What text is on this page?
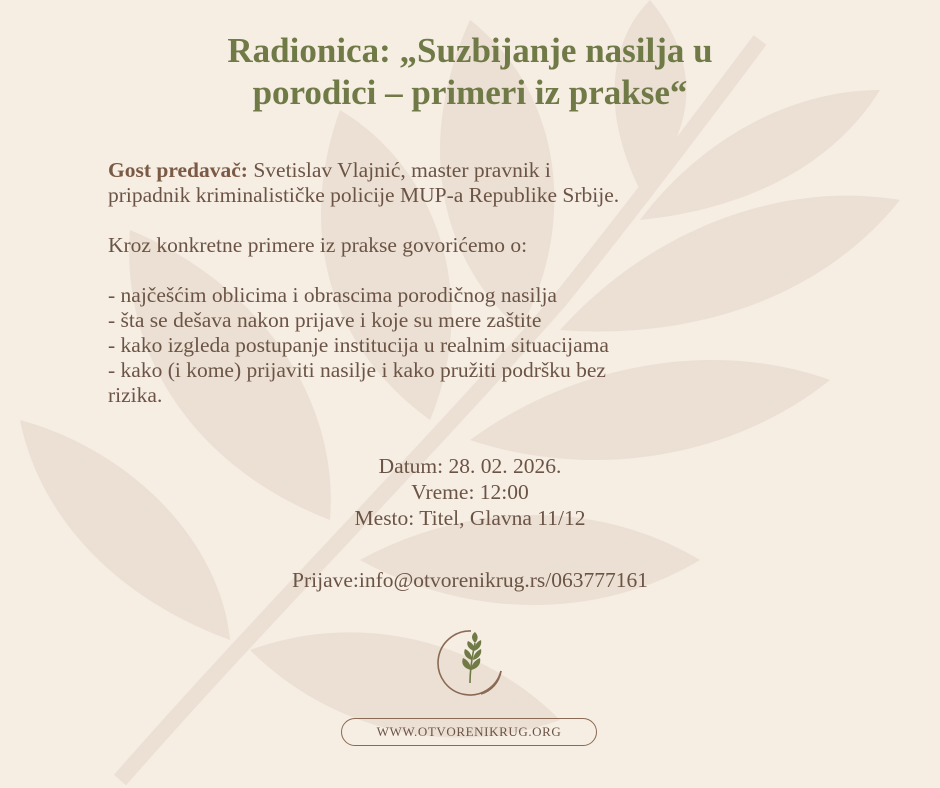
Radionica: „Suzbijanje nasilja u
porodici – primeri iz prakse“

Gost predavač: Svetislav Vlajnić, master pravnik i

pripadnik kriminalističke policije MUP-a Republike Srbije.

Kroz konkretne primere iz prakse govorićemo o:

- najčešćim oblicima i obrascima porodičnog nasilja

- šta se dešava nakon prijave i koje su mere zaštite

- kako izgleda postupanje institucija u realnim situacijama

- kako (i kome) prijaviti nasilje i kako pružiti podršku bez

rizika.

Datum: 28. 02. 2026.

Vreme: 12:00

Mesto: Titel, Glavna 11/12

Prijave:info@otvorenikrug.rs/063777161

WWW.OTVORENIKRUG.ORG
